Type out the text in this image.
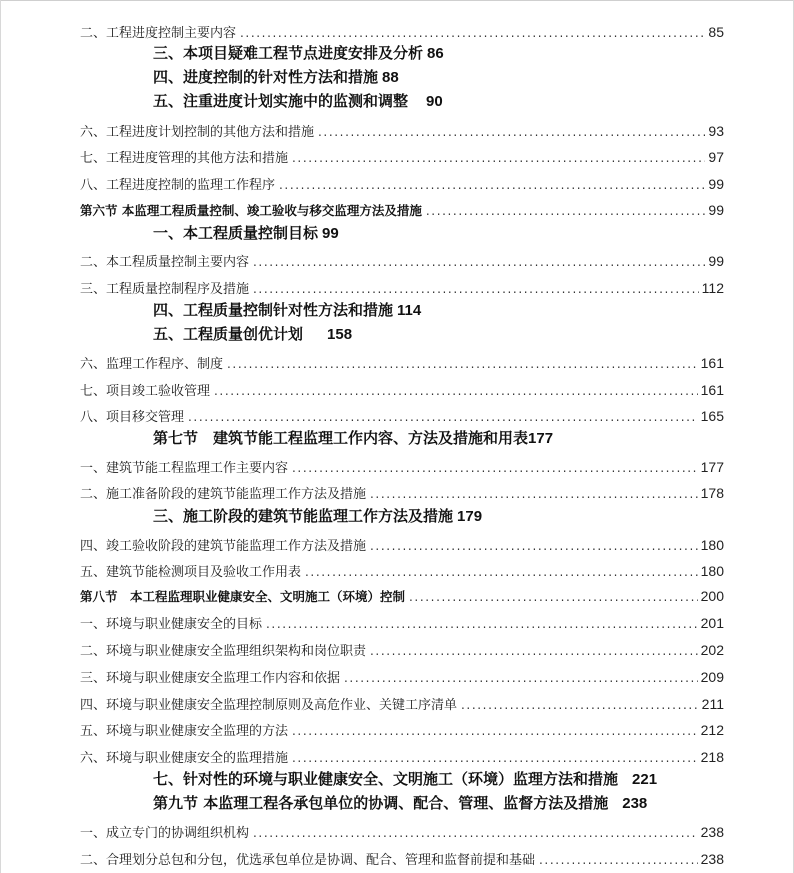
二、工程进度控制主要内容 .....	85
三、本项目疑难工程节点进度安排及分析 86
四、进度控制的针对性方法和措施 88
五、注重进度计划实施中的监测和调整 90
六、工程进度计划控制的其他方法和措施 .....	93
七、工程进度管理的其他方法和措施 .....	97
八、工程进度控制的监理工作程序 .....	99
第六节 本监理工程质量控制、竣工验收与移交监理方法及措施 .....	99
一、本工程质量控制目标 99
二、本工程质量控制主要内容 .....	99
三、工程质量控制程序及措施 .....	112
四、工程质量控制针对性方法和措施 114
五、工程质量创优计划 158
六、监理工作程序、制度 .....	161
七、项目竣工验收管理 .....	161
八、项目移交管理 .....	165
第七节　建筑节能工程监理工作内容、方法及措施和用表177
一、建筑节能工程监理工作主要内容 .....	177
二、施工准备阶段的建筑节能监理工作方法及措施 .....	178
三、施工阶段的建筑节能监理工作方法及措施 179
四、竣工验收阶段的建筑节能监理工作方法及措施 .....	180
五、建筑节能检测项目及验收工作用表 .....	180
第八节　本工程监理职业健康安全、文明施工（环境）控制 .....	200
一、环境与职业健康安全的目标 .....	201
二、环境与职业健康安全监理组织架构和岗位职责 .....	202
三、环境与职业健康安全监理工作内容和依据 .....	209
四、环境与职业健康安全监理控制原则及高危作业、关键工序清单 .....	211
五、环境与职业健康安全监理的方法 .....	212
六、环境与职业健康安全的监理措施 .....	218
七、针对性的环境与职业健康安全、文明施工（环境）监理方法和措施 221
第九节 本监理工程各承包单位的协调、配合、管理、监督方法及措施 238
一、成立专门的协调组织机构 .....	238
二、合理划分总包和分包，优选承包单位是协调、配合、管理和监督前提和基础 .....	238
